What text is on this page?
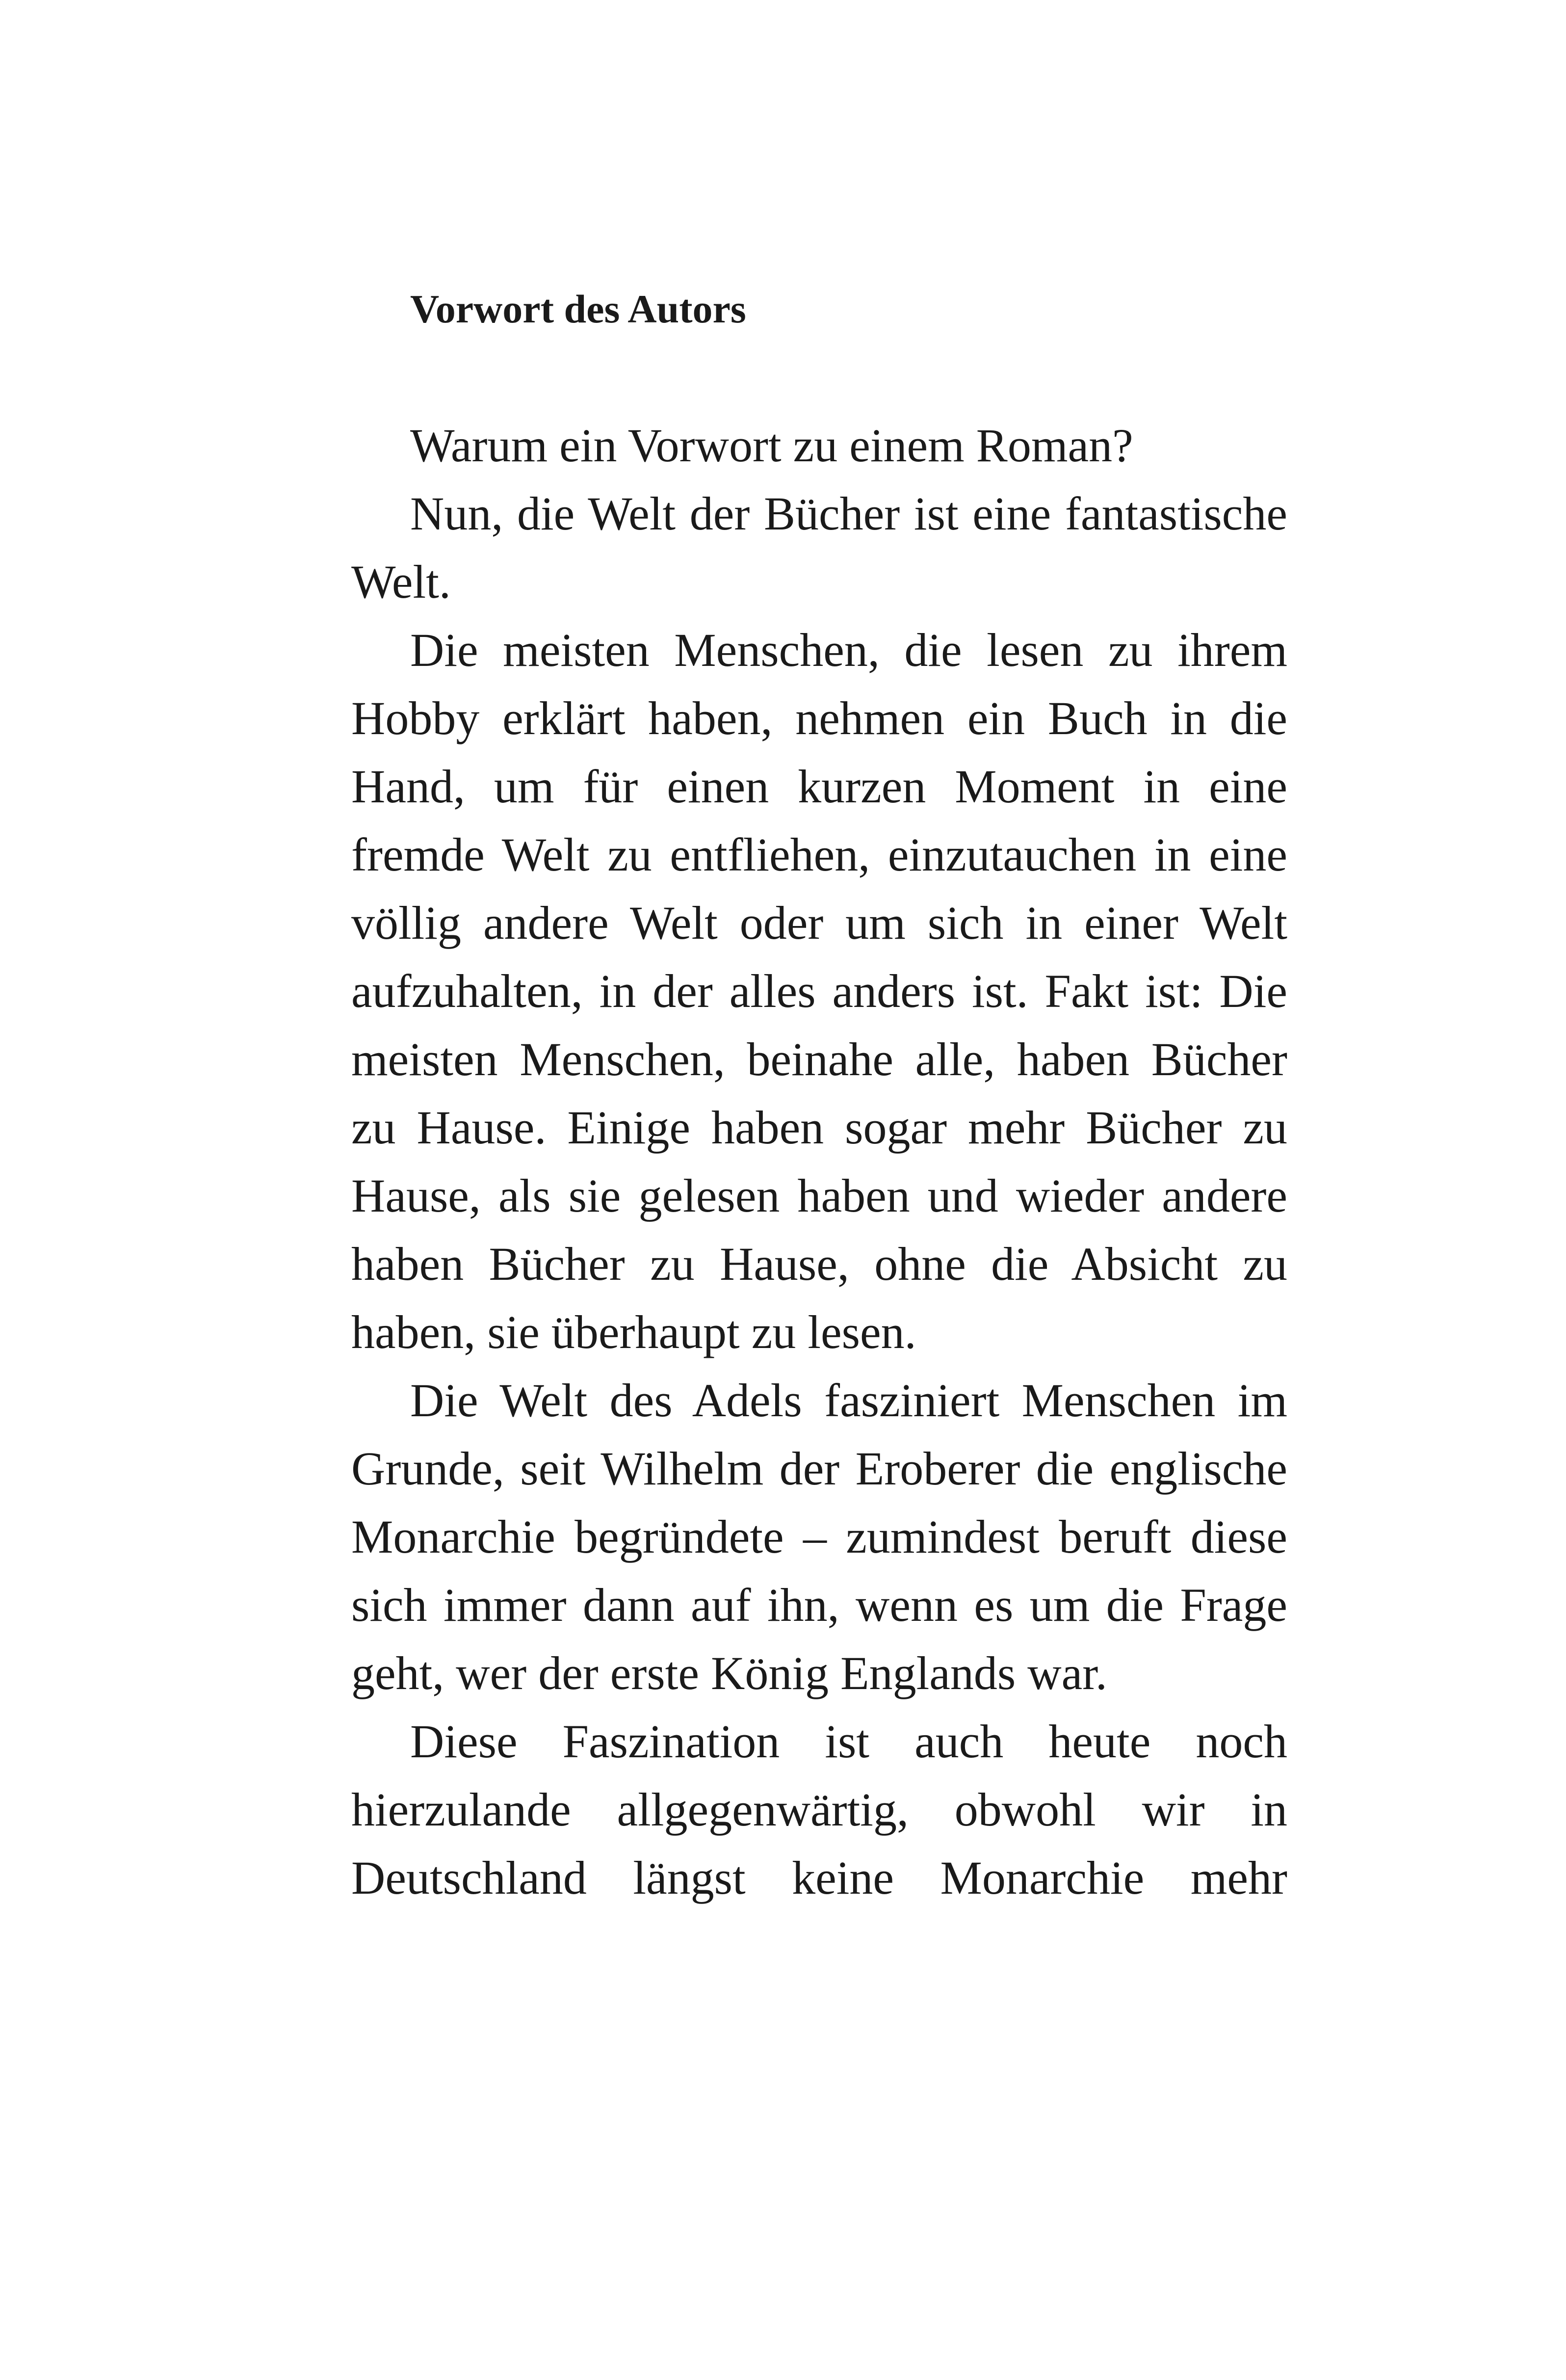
Vorwort des Autors

Warum ein Vorwort zu einem Roman?

Nun, die Welt der Bücher ist eine fantastische Welt.

Die meisten Menschen, die lesen zu ihrem Hobby erklärt haben, nehmen ein Buch in die Hand, um für einen kurzen Moment in eine fremde Welt zu entfliehen, einzutauchen in eine völlig andere Welt oder um sich in einer Welt aufzuhalten, in der alles anders ist. Fakt ist: Die meisten Menschen, beinahe alle, haben Bücher zu Hause. Einige haben sogar mehr Bücher zu Hause, als sie gelesen haben und wieder andere haben Bücher zu Hause, ohne die Absicht zu haben, sie überhaupt zu lesen.

Die Welt des Adels fasziniert Menschen im Grunde, seit Wilhelm der Eroberer die englische Monarchie begründete – zumindest beruft diese sich immer dann auf ihn, wenn es um die Frage geht, wer der erste König Englands war.

Diese Faszination ist auch heute noch hierzulande allgegenwärtig, obwohl wir in Deutschland längst keine Monarchie mehr
